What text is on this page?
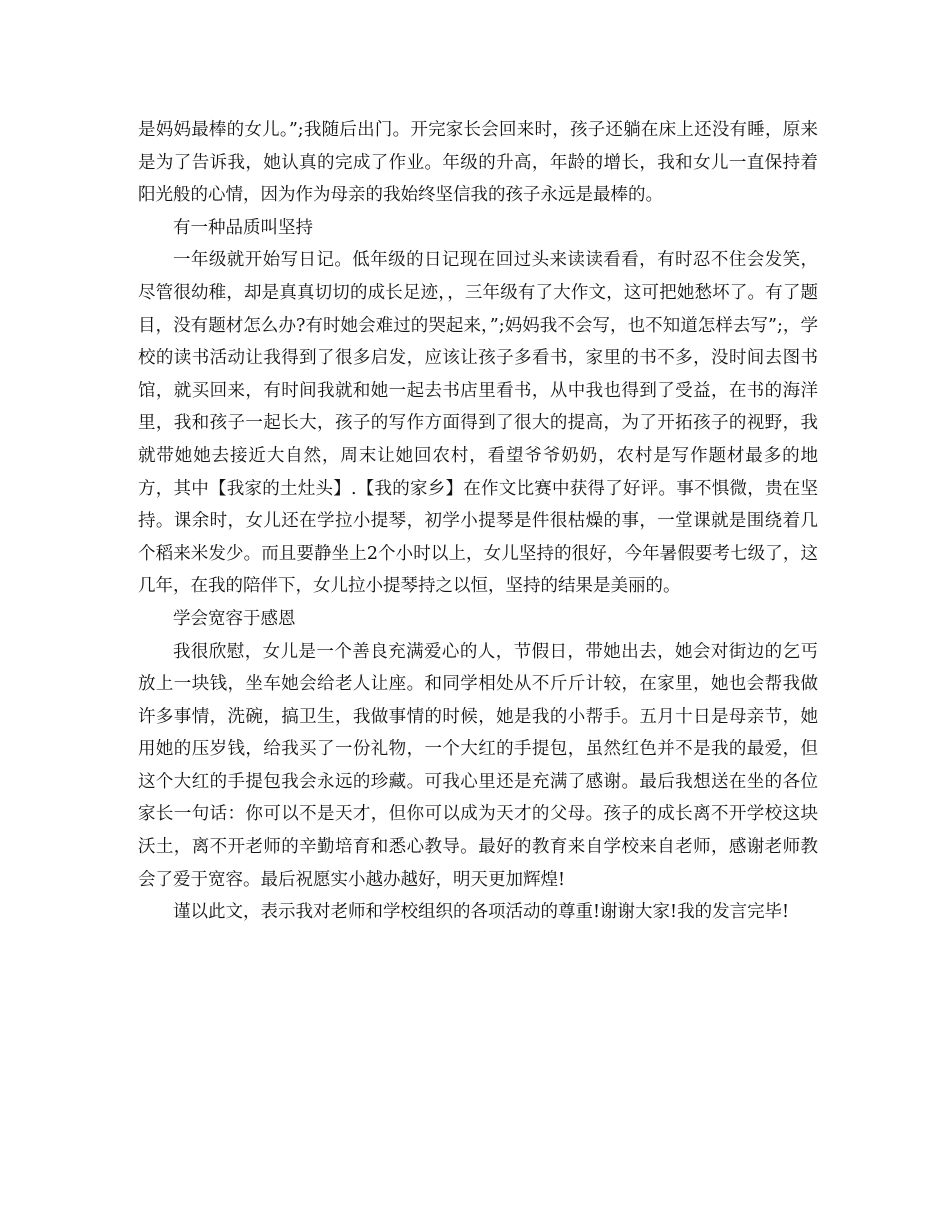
是妈妈最棒的女儿。”;我随后出门。开完家长会回来时，孩子还躺在床上还没有睡，原来是为了告诉我，她认真的完成了作业。年级的升高，年龄的增长，我和女儿一直保持着阳光般的心情，因为作为母亲的我始终坚信我的孩子永远是最棒的。

有一种品质叫坚持

一年级就开始写日记。低年级的日记现在回过头来读读看看，有时忍不住会发笑，尽管很幼稚，却是真真切切的成长足迹，，三年级有了大作文，这可把她愁坏了。有了题目，没有题材怎么办?有时她会难过的哭起来，”;妈妈我不会写，也不知道怎样去写”;，学校的读书活动让我得到了很多启发，应该让孩子多看书，家里的书不多，没时间去图书馆，就买回来，有时间我就和她一起去书店里看书，从中我也得到了受益，在书的海洋里，我和孩子一起长大，孩子的写作方面得到了很大的提高，为了开拓孩子的视野，我就带她她去接近大自然，周末让她回农村，看望爷爷奶奶，农村是写作题材最多的地方，其中【我家的土灶头】.【我的家乡】在作文比赛中获得了好评。事不惧微，贵在坚持。课余时，女儿还在学拉小提琴，初学小提琴是件很枯燥的事，一堂课就是围绕着几个稻来米发少。而且要静坐上2个小时以上，女儿坚持的很好，今年暑假要考七级了，这几年，在我的陪伴下，女儿拉小提琴持之以恒，坚持的结果是美丽的。

学会宽容于感恩

我很欣慰，女儿是一个善良充满爱心的人，节假日，带她出去，她会对街边的乞丐放上一块钱，坐车她会给老人让座。和同学相处从不斤斤计较，在家里，她也会帮我做许多事情，洗碗，搞卫生，我做事情的时候，她是我的小帮手。五月十日是母亲节，她用她的压岁钱，给我买了一份礼物，一个大红的手提包，虽然红色并不是我的最爱，但这个大红的手提包我会永远的珍藏。可我心里还是充满了感谢。最后我想送在坐的各位家长一句话：你可以不是天才，但你可以成为天才的父母。孩子的成长离不开学校这块沃土，离不开老师的辛勤培育和悉心教导。最好的教育来自学校来自老师，感谢老师教会了爱于宽容。最后祝愿实小越办越好，明天更加辉煌!

谨以此文，表示我对老师和学校组织的各项活动的尊重!谢谢大家!我的发言完毕!
